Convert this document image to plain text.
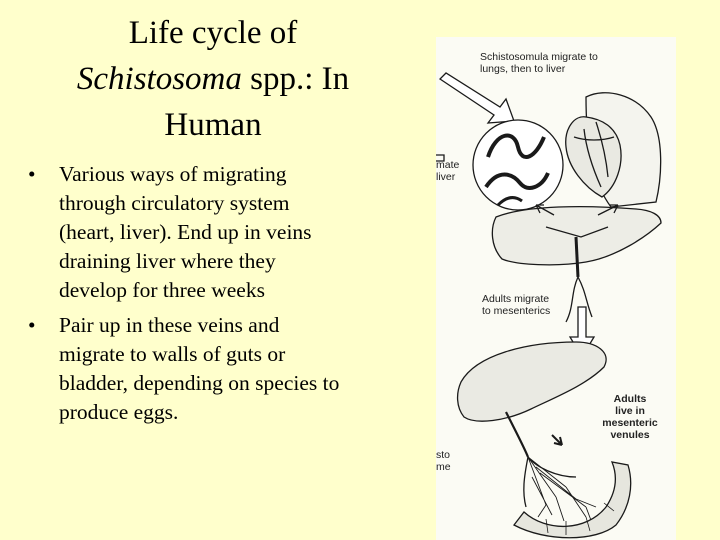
Life cycle of
Schistosoma spp.: In
Human
• Various ways of migrating through circulatory system (heart, liver). End up in veins draining liver where they develop for three weeks
• Pair up in these veins and migrate to walls of guts or bladder, depending on species to produce eggs.
Schistosomula migrate to
lungs, then to liver
mate
liver
Adults migrate
to mesenterics
Adults
live in
mesenteric
venules
sto
me
